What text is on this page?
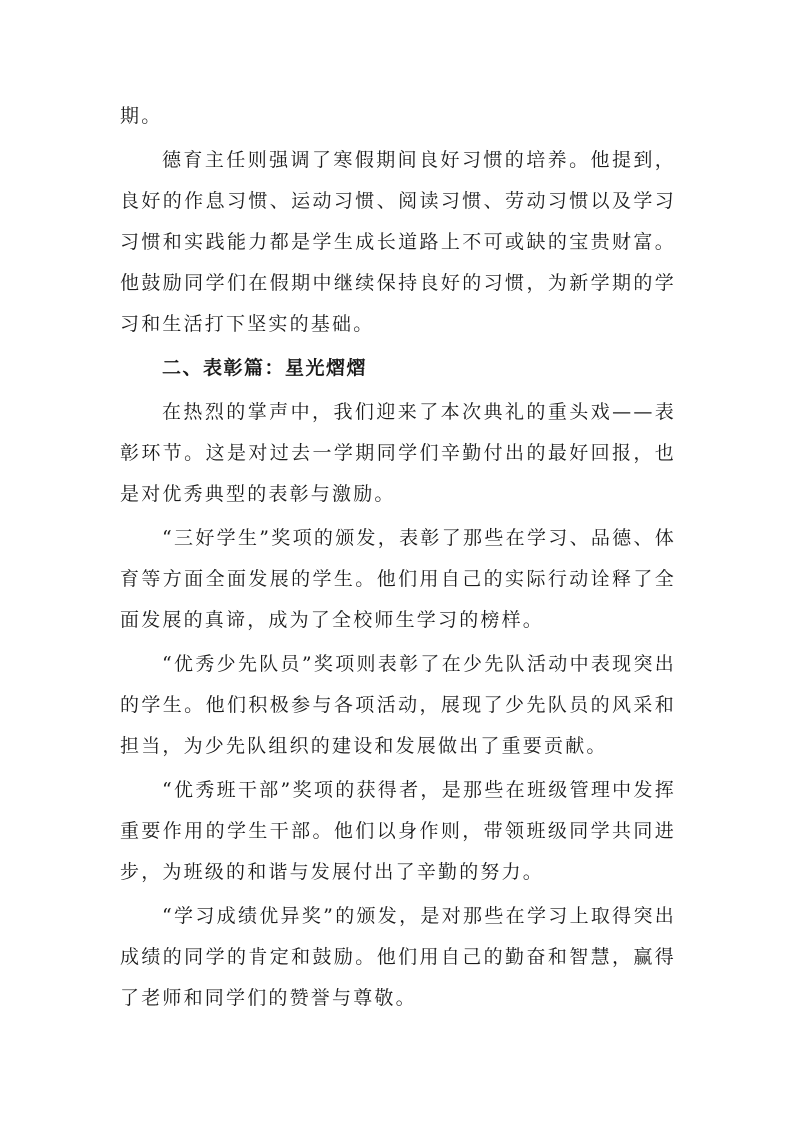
期。

德育主任则强调了寒假期间良好习惯的培养。他提到，良好的作息习惯、运动习惯、阅读习惯、劳动习惯以及学习习惯和实践能力都是学生成长道路上不可或缺的宝贵财富。他鼓励同学们在假期中继续保持良好的习惯，为新学期的学习和生活打下坚实的基础。

二、表彰篇：星光熠熠

在热烈的掌声中，我们迎来了本次典礼的重头戏——表彰环节。这是对过去一学期同学们辛勤付出的最好回报，也是对优秀典型的表彰与激励。

“三好学生”奖项的颁发，表彰了那些在学习、品德、体育等方面全面发展的学生。他们用自己的实际行动诠释了全面发展的真谛，成为了全校师生学习的榜样。

“优秀少先队员”奖项则表彰了在少先队活动中表现突出的学生。他们积极参与各项活动，展现了少先队员的风采和担当，为少先队组织的建设和发展做出了重要贡献。

“优秀班干部”奖项的获得者，是那些在班级管理中发挥重要作用的学生干部。他们以身作则，带领班级同学共同进步，为班级的和谐与发展付出了辛勤的努力。

“学习成绩优异奖”的颁发，是对那些在学习上取得突出成绩的同学的肯定和鼓励。他们用自己的勤奋和智慧，赢得了老师和同学们的赞誉与尊敬。
